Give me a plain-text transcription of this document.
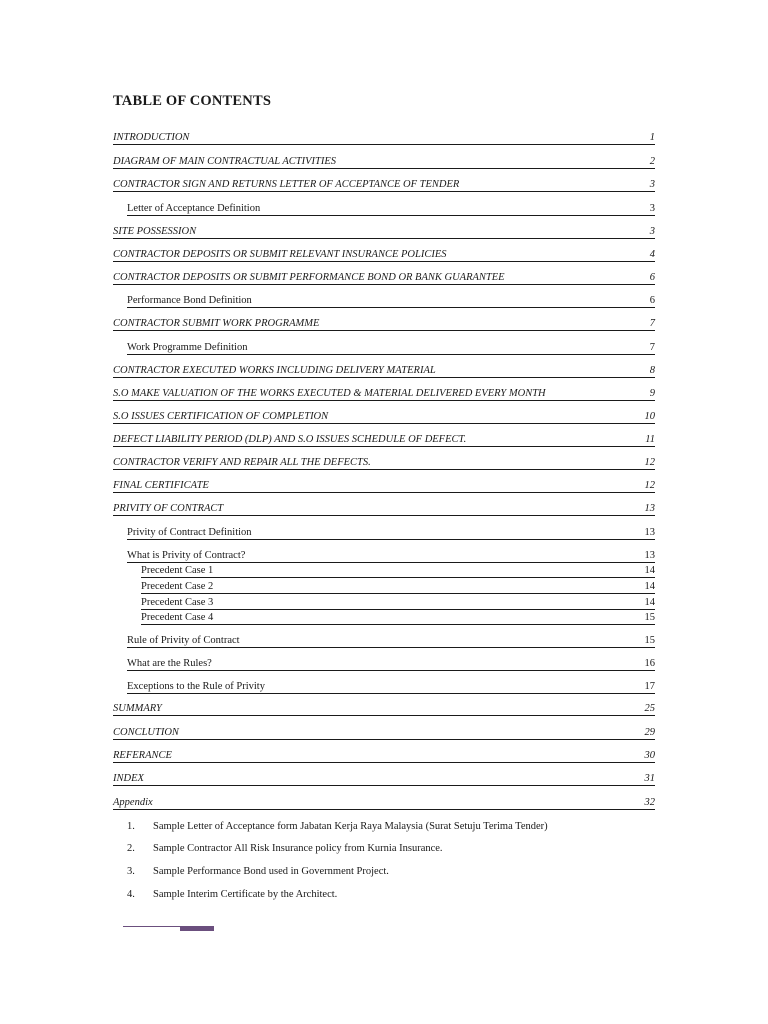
TABLE OF CONTENTS
INTRODUCTION	1
DIAGRAM OF MAIN CONTRACTUAL ACTIVITIES	2
CONTRACTOR SIGN AND RETURNS LETTER OF ACCEPTANCE OF TENDER	3
Letter of Acceptance Definition	3
SITE POSSESSION	3
CONTRACTOR DEPOSITS OR SUBMIT RELEVANT INSURANCE POLICIES	4
CONTRACTOR DEPOSITS OR SUBMIT PERFORMANCE BOND OR BANK GUARANTEE	6
Performance Bond Definition	6
CONTRACTOR SUBMIT WORK PROGRAMME	7
Work Programme Definition	7
CONTRACTOR EXECUTED WORKS INCLUDING DELIVERY MATERIAL	8
S.O MAKE VALUATION OF THE WORKS EXECUTED & MATERIAL DELIVERED EVERY MONTH	9
S.O ISSUES CERTIFICATION OF COMPLETION	10
DEFECT LIABILITY PERIOD (DLP) AND S.O ISSUES SCHEDULE OF DEFECT.	11
CONTRACTOR VERIFY AND REPAIR ALL THE DEFECTS.	12
FINAL CERTIFICATE	12
PRIVITY OF CONTRACT	13
Privity of Contract Definition	13
What is Privity of Contract?	13
Precedent Case 1	14
Precedent Case 2	14
Precedent Case 3	14
Precedent Case 4	15
Rule of Privity of Contract	15
What are the Rules?	16
Exceptions to the Rule of Privity	17
SUMMARY	25
CONCLUTION	29
REFERANCE	30
INDEX	31
Appendix	32
1.	Sample Letter of Acceptance form Jabatan Kerja Raya Malaysia (Surat Setuju Terima Tender)
2.	Sample Contractor All Risk Insurance policy from Kurnia Insurance.
3.	Sample Performance Bond used in Government Project.
4.	Sample Interim Certificate by the Architect.
